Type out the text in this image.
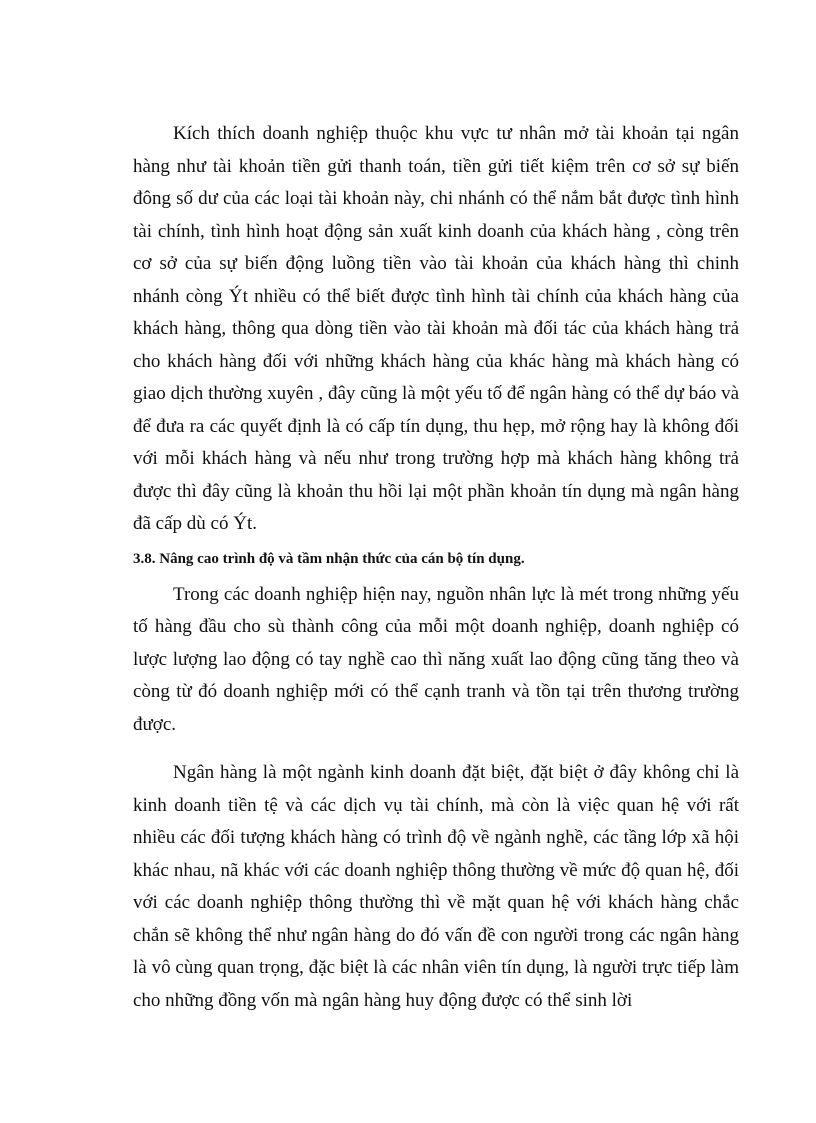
Kích thích doanh nghiệp thuộc khu vực tư nhân mở tài khoản tại ngân hàng như tài khoản tiền gửi thanh toán, tiền gửi tiết kiệm trên cơ sở sự biến đông số dư của các loại tài khoản này, chi nhánh có thể nắm bắt được tình hình tài chính, tình hình hoạt động sản xuất kinh doanh của khách hàng , còng trên cơ sở của sự biến động luồng tiền vào tài khoản của khách hàng thì chinh nhánh còng Ýt nhiều có thể biết được tình hình tài chính của khách hàng của khách hàng, thông qua dòng tiền vào tài khoản mà đối tác của khách hàng trả cho khách hàng đối với những khách hàng của khác hàng mà khách hàng có giao dịch thường xuyên , đây cũng là một yếu tố để ngân hàng có thể dự báo và để đưa ra các quyết định là có cấp tín dụng, thu hẹp, mở rộng hay là không đối với mỗi khách hàng và nếu như trong trường hợp mà khách hàng không trả được thì đây cũng là khoản thu hồi lại một phần khoản tín dụng mà ngân hàng đã cấp dù có Ýt.

3.8. Nâng cao trình độ và tầm nhận thức của cán bộ tín dụng.

Trong các doanh nghiệp hiện nay, nguồn nhân lực là mét trong những yếu tố hàng đầu cho sù thành công của mỗi một doanh nghiệp, doanh nghiệp có lược lượng lao động có tay nghề cao thì năng xuất lao động cũng tăng theo và còng từ đó doanh nghiệp mới có thể cạnh tranh và tồn tại trên thương trường được.

Ngân hàng là một ngành kinh doanh đặt biệt, đặt biệt ở đây không chỉ là kinh doanh tiền tệ và các dịch vụ tài chính, mà còn là việc quan hệ với rất nhiều các đối tượng khách hàng có trình độ về ngành nghề, các tầng lớp xã hội khác nhau, nã khác với các doanh nghiệp thông thường về mức độ quan hệ, đối với các doanh nghiệp thông thường thì về mặt quan hệ với khách hàng chắc chắn sẽ không thể như ngân hàng do đó vấn đề con người trong các ngân hàng là vô cùng quan trọng, đặc biệt là các nhân viên tín dụng, là người trực tiếp làm cho những đồng vốn mà ngân hàng huy động được có thể sinh lời
